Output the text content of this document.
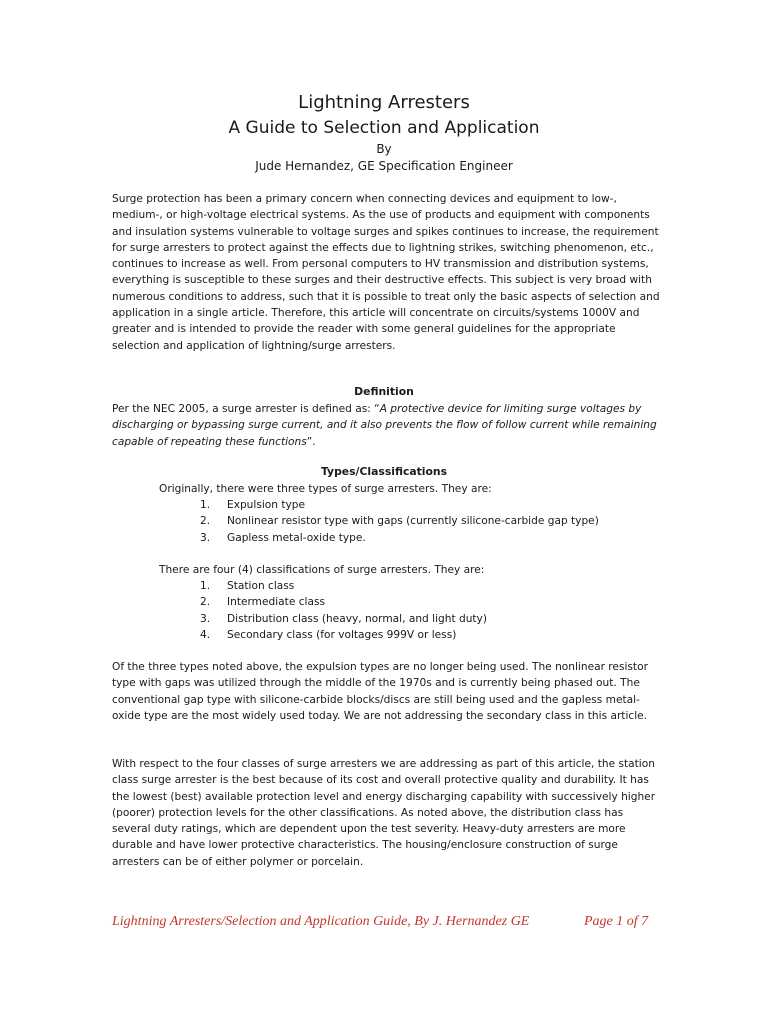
Lightning Arresters
A Guide to Selection and Application
By
Jude Hernandez, GE Specification Engineer

Surge protection has been a primary concern when connecting devices and equipment to low-, medium-, or high-voltage electrical systems. As the use of products and equipment with components and insulation systems vulnerable to voltage surges and spikes continues to increase, the requirement for surge arresters to protect against the effects due to lightning strikes, switching phenomenon, etc., continues to increase as well. From personal computers to HV transmission and distribution systems, everything is susceptible to these surges and their destructive effects. This subject is very broad with numerous conditions to address, such that it is possible to treat only the basic aspects of selection and application in a single article. Therefore, this article will concentrate on circuits/systems 1000V and greater and is intended to provide the reader with some general guidelines for the appropriate selection and application of lightning/surge arresters.

Definition

Per the NEC 2005, a surge arrester is defined as: “A protective device for limiting surge voltages by discharging or bypassing surge current, and it also prevents the flow of follow current while remaining capable of repeating these functions”.

Types/Classifications
Originally, there were three types of surge arresters. They are:
1. Expulsion type
2. Nonlinear resistor type with gaps (currently silicone-carbide gap type)
3. Gapless metal-oxide type.
There are four (4) classifications of surge arresters. They are:
1. Station class
2. Intermediate class
3. Distribution class (heavy, normal, and light duty)
4. Secondary class (for voltages 999V or less)

Of the three types noted above, the expulsion types are no longer being used. The nonlinear resistor type with gaps was utilized through the middle of the 1970s and is currently being phased out. The conventional gap type with silicone-carbide blocks/discs are still being used and the gapless metal-oxide type are the most widely used today. We are not addressing the secondary class in this article.

With respect to the four classes of surge arresters we are addressing as part of this article, the station class surge arrester is the best because of its cost and overall protective quality and durability. It has the lowest (best) available protection level and energy discharging capability with successively higher (poorer) protection levels for the other classifications. As noted above, the distribution class has several duty ratings, which are dependent upon the test severity. Heavy-duty arresters are more durable and have lower protective characteristics. The housing/enclosure construction of surge arresters can be of either polymer or porcelain.

Lightning Arresters/Selection and Application Guide, By J. Hernandez GE	Page 1 of 7
